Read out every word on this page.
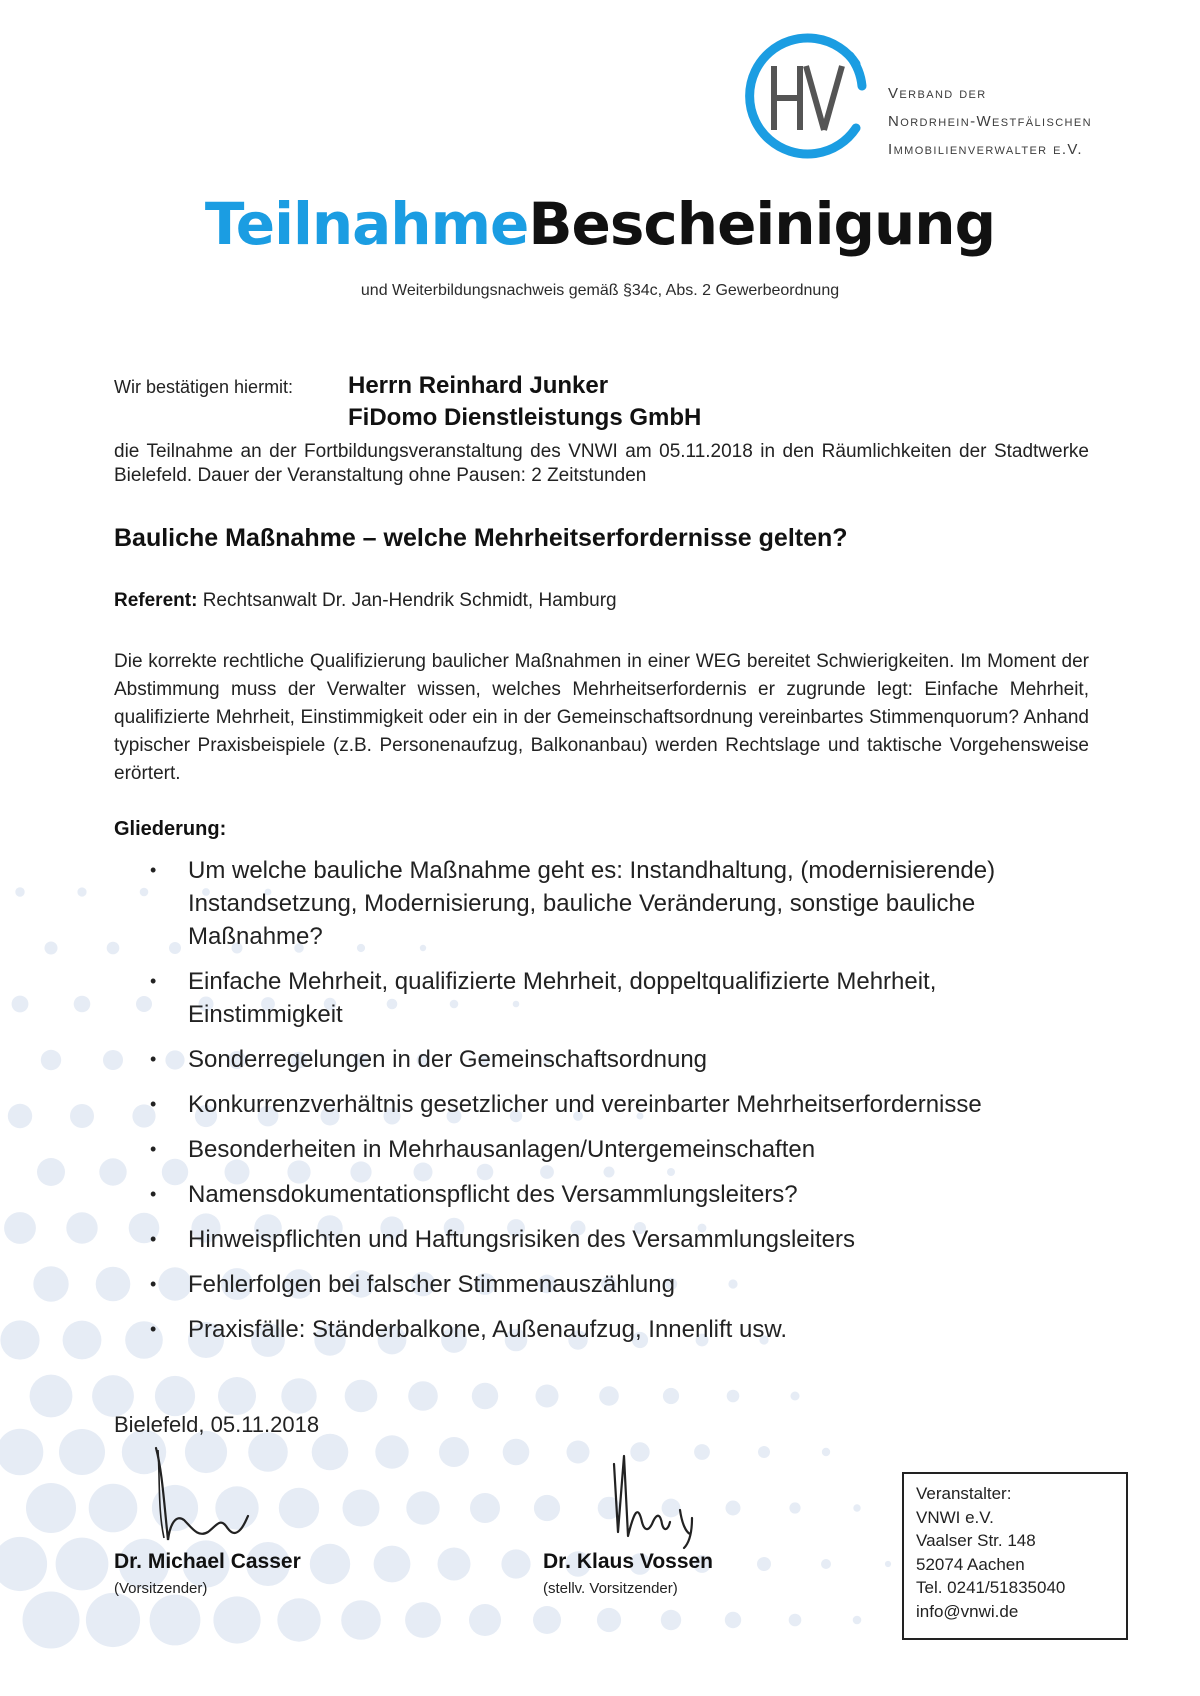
Verband der
Nordrhein-Westfälischen
Immobilienverwalter e.V.
TeilnahmeBescheinigung
und Weiterbildungsnachweis gemäß §34c, Abs. 2 Gewerbeordnung
Wir bestätigen hiermit: Herrn Reinhard Junker
FiDomo Dienstleistungs GmbH
die Teilnahme an der Fortbildungsveranstaltung des VNWI am 05.11.2018 in den Räumlichkeiten der Stadtwerke Bielefeld. Dauer der Veranstaltung ohne Pausen: 2 Zeitstunden
Bauliche Maßnahme – welche Mehrheitserfordernisse gelten?
Referent: Rechtsanwalt Dr. Jan-Hendrik Schmidt, Hamburg
Die korrekte rechtliche Qualifizierung baulicher Maßnahmen in einer WEG bereitet Schwierigkeiten. Im Moment der Abstimmung muss der Verwalter wissen, welches Mehrheitserfordernis er zugrunde legt: Einfache Mehrheit, qualifizierte Mehrheit, Einstimmigkeit oder ein in der Gemeinschaftsordnung vereinbartes Stimmenquorum? Anhand typischer Praxisbeispiele (z.B. Personenaufzug, Balkonanbau) werden Rechtslage und taktische Vorgehensweise erörtert.
Gliederung:
• Um welche bauliche Maßnahme geht es: Instandhaltung, (modernisierende) Instandsetzung, Modernisierung, bauliche Veränderung, sonstige bauliche Maßnahme?
• Einfache Mehrheit, qualifizierte Mehrheit, doppeltqualifizierte Mehrheit, Einstimmigkeit
• Sonderregelungen in der Gemeinschaftsordnung
• Konkurrenzverhältnis gesetzlicher und vereinbarter Mehrheitserfordernisse
• Besonderheiten in Mehrhausanlagen/Untergemeinschaften
• Namensdokumentationspflicht des Versammlungsleiters?
• Hinweispflichten und Haftungsrisiken des Versammlungsleiters
• Fehlerfolgen bei falscher Stimmenauszählung
• Praxisfälle: Ständerbalkone, Außenaufzug, Innenlift usw.
Bielefeld, 05.11.2018
Dr. Michael Casser
(Vorsitzender)
Dr. Klaus Vossen
(stellv. Vorsitzender)
Veranstalter:
VNWI e.V.
Vaalser Str. 148
52074 Aachen
Tel. 0241/51835040
info@vnwi.de
